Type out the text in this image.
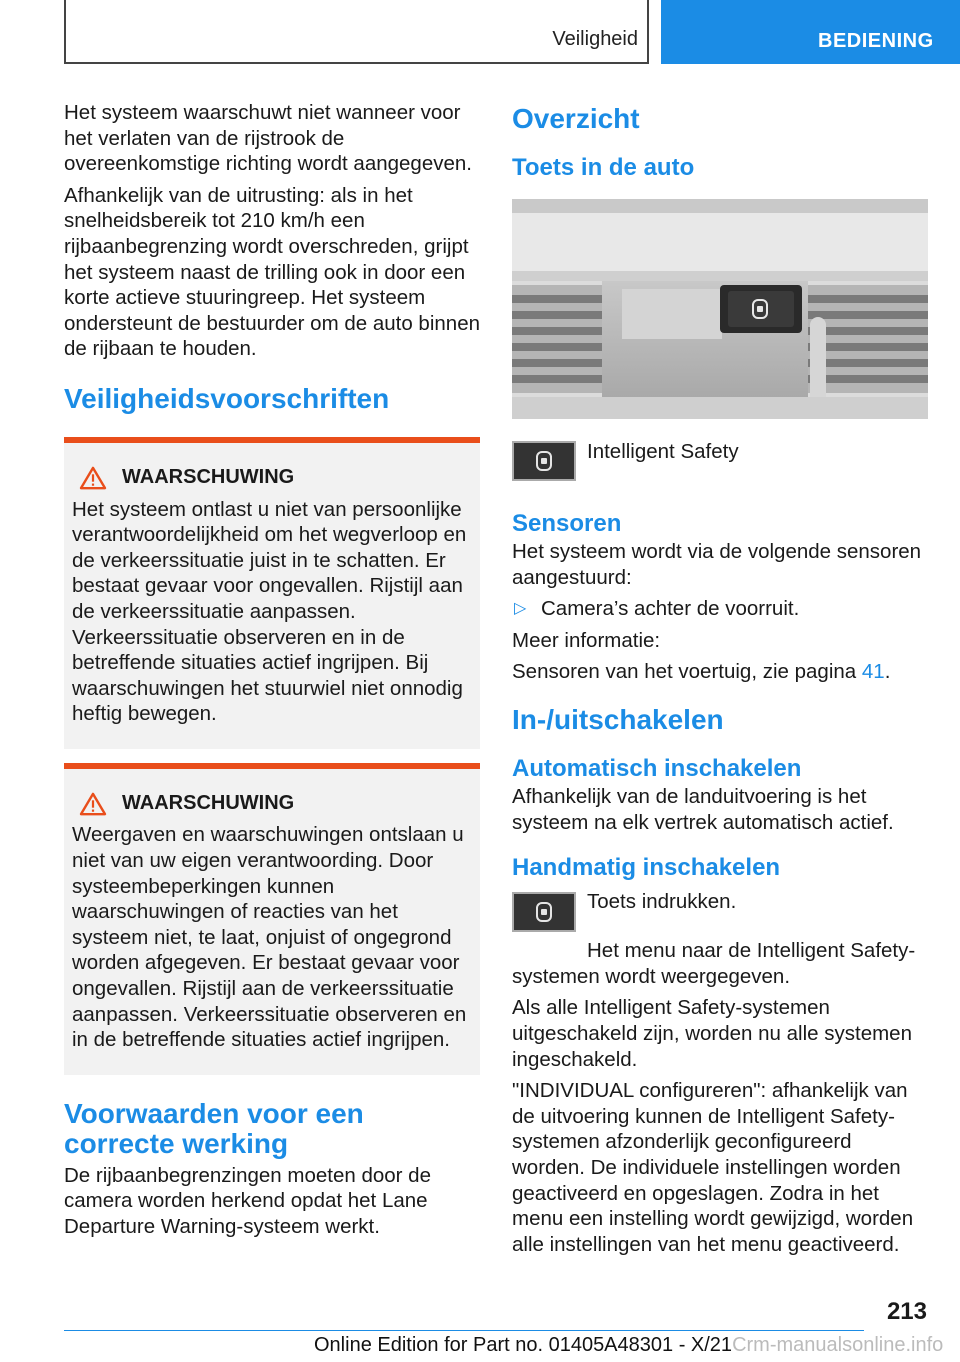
Veiligheid	BEDIENING

Het systeem waarschuwt niet wanneer voor het verlaten van de rijstrook de overeenkomstige richting wordt aangegeven.

Afhankelijk van de uitrusting: als in het snelheidsbereik tot 210 km/h een rijbaanbegrenzing wordt overschreden, grijpt het systeem naast de trilling ook in door een korte actieve stuuringreep. Het systeem ondersteunt de bestuurder om de auto binnen de rijbaan te houden.

Veiligheidsvoorschriften
WAARSCHUWING
Het systeem ontlast u niet van persoonlijke verantwoordelijkheid om het wegverloop en de verkeerssituatie juist in te schatten. Er bestaat gevaar voor ongevallen. Rijstijl aan de verkeerssituatie aanpassen. Verkeerssituatie observeren en in de betreffende situaties actief ingrijpen. Bij waarschuwingen het stuurwiel niet onnodig heftig bewegen.
WAARSCHUWING
Weergaven en waarschuwingen ontslaan u niet van uw eigen verantwoording. Door systeembeperkingen kunnen waarschuwingen of reacties van het systeem niet, te laat, onjuist of ongegrond worden afgegeven. Er bestaat gevaar voor ongevallen. Rijstijl aan de verkeerssituatie aanpassen. Verkeerssituatie observeren en in de betreffende situaties actief ingrijpen.
Voorwaarden voor een correcte werking

De rijbaanbegrenzingen moeten door de camera worden herkend opdat het Lane Departure Warning-systeem werkt.

Overzicht
Toets in de auto
Intelligent Safety
Sensoren

Het systeem wordt via de volgende sensoren aangestuurd:

▷ Camera’s achter de voorruit.

Meer informatie:

Sensoren van het voertuig, zie pagina 41.

In-/uitschakelen
Automatisch inschakelen

Afhankelijk van de landuitvoering is het systeem na elk vertrek automatisch actief.

Handmatig inschakelen
Toets indrukken.

Het menu naar de Intelligent Safety-systemen wordt weergegeven.

Als alle Intelligent Safety-systemen uitgeschakeld zijn, worden nu alle systemen ingeschakeld.

"INDIVIDUAL configureren": afhankelijk van de uitvoering kunnen de Intelligent Safety-systemen afzonderlijk geconfigureerd worden. De individuele instellingen worden geactiveerd en opgeslagen. Zodra in het menu een instelling wordt gewijzigd, worden alle instellingen van het menu geactiveerd.

213
Online Edition for Part no. 01405A48301 - X/21Crm-manualsonline.info
